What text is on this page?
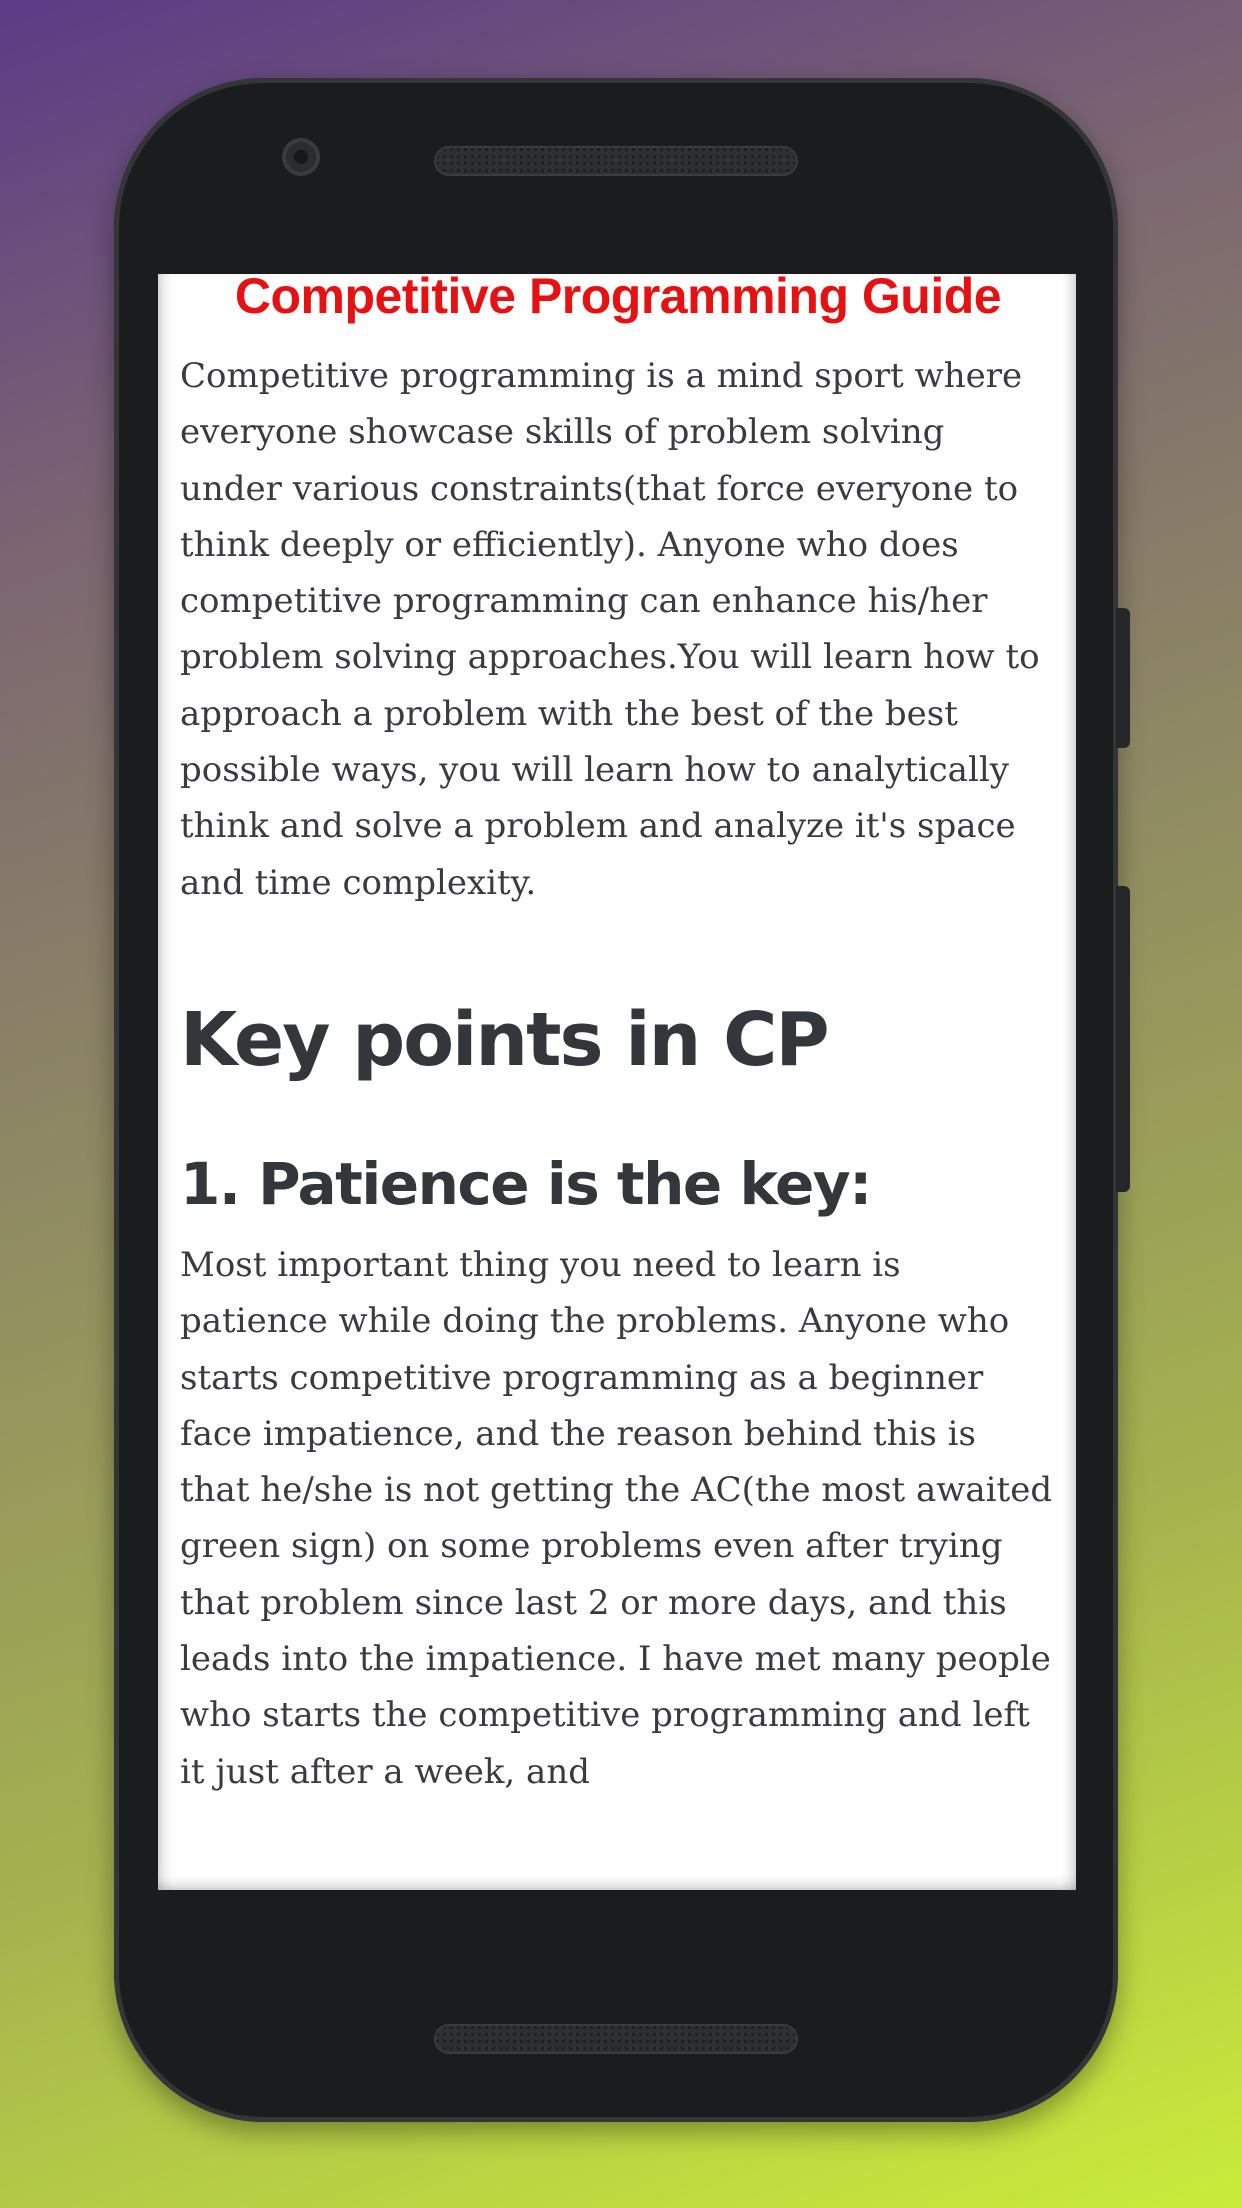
Competitive Programming Guide

Competitive programming is a mind sport where everyone showcase skills of problem solving under various constraints(that force everyone to think deeply or efficiently). Anyone who does competitive programming can enhance his/her problem solving approaches.You will learn how to approach a problem with the best of the best possible ways, you will learn how to analytically think and solve a problem and analyze it's space and time complexity.

Key points in CP
1. Patience is the key:

Most important thing you need to learn is patience while doing the problems. Anyone who starts competitive programming as a beginner face impatience, and the reason behind this is that he/she is not getting the AC(the most awaited green sign) on some problems even after trying that problem since last 2 or more days, and this leads into the impatience. I have met many people who starts the competitive programming and left it just after a week, and
